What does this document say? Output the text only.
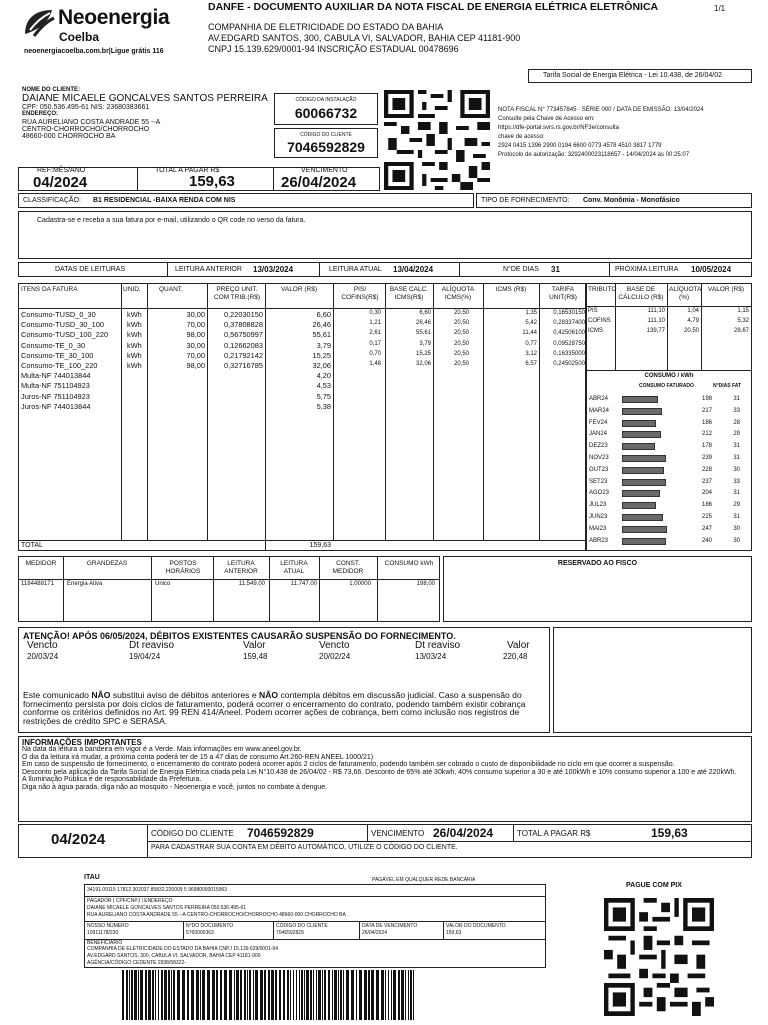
Neoenergia
Coelba
neoenergiacoelba.com.br|Ligue grátis 116
DANFE - DOCUMENTO AUXILIAR DA NOTA FISCAL DE ENERGIA ELÉTRICA ELETRÔNICA	1/1
COMPANHIA DE ELETRICIDADE DO ESTADO DA BAHIA
AV.EDGARD SANTOS, 300, CABULA VI, SALVADOR, BAHIA CEP 41181-900
CNPJ 15.139.629/0001-94 INSCRIÇÃO ESTADUAL 00478696
Tarifa Social de Energia Elétrica - Lei 10.438, de 26/04/02
NOME DO CLIENTE:
DAIANE MICAELE GONCALVES SANTOS PERREIRA
CPF: 050.536.495-61 NIS: 23680383661
ENDEREÇO:
RUA AURELIANO COSTA ANDRADE 55 --A
CENTRO-CHORROCHO/CHORROCHO
48660-000 CHORROCHO BA
CÓDIGO DA INSTALAÇÃO
60066732
CÓDIGO DO CLIENTE
7046592829
NOTA FISCAL N° 773457845 · SÉRIE 000 / DATA DE EMISSÃO: 13/04/2024
Consulte pela Chave de Acesso em:
https://dfe-portal.svrs.rs.gov.br/NF3e/consulta
chave de acesso:
2924 0415 1396 2900 0194 6600 0773 4578 4510 3817 1779
Protocolo de autorização: 3292400023118657 - 14/04/2024 às 00:25:07
REF:MÊS/ANO
04/2024
TOTAL A PAGAR R$
159,63
VENCIMENTO
26/04/2024
CLASSIFICAÇÃO: B1 RESIDENCIAL -BAIXA RENDA COM NIS	TIPO DE FORNECIMENTO: Conv. Monômia - Monofásico
Cadastra-se e receba a sua fatura por e-mail, utilizando o QR code no verso da fatura.
DATAS DE LEITURAS	LEITURA ANTERIOR 13/03/2024	LEITURA ATUAL 13/04/2024	N°DE DIAS 31	PRÓXIMA LEITURA 10/05/2024
ITENS DA FATURA	UNID.	QUANT.	PREÇO UNIT. COM TRIB.(R$)
VALOR (R$)	PIS/ COFINS(R$)
BASE CALC. ICMS(R$)
ALÍQUOTA ICMS(%)
ICMS (R$)	TARIFA UNIT(R$)
Consumo-TUSD_0_30	kWh	30,00	0,22030150	6,60	0,30	6,60	20,50	1,35	0,16530150
Consumo-TUSD_30_100	kWh	70,00	0,37808828	26,46	1,21	26,46	20,50	5,42	0,28337400
Consumo-TUSD_100_220	kWh	98,00	0,56750997	55,61	2,61	55,61	20,50	11,44	0,42506100
Consumo-TE_0_30	kWh	30,00	0,12662083	3,79	0,17	3,79	20,50	0,77	0,09528750
Consumo-TE_30_100	kWh	70,00	0,21792142	15,25	0,70	15,25	20,50	3,12	0,16335000
Consumo-TE_100_220	kWh	98,00	0,32716785	32,06	1,48	32,06	20,50	6,57	0,24502500
Multa-NF 744013844	4,20
Multa-NF 751104923	4,53
Juros-NF 751104923	5,75
Juros-NF 744013844	5,38
TOTAL	159,63
TRIBUTO	BASE DE CÁLCULO (R$)
ALÍQUOTA (%)
VALOR (R$)
PIS	111,10	1,04	1,15
COFINS	111,10	4,79	5,32
ICMS	139,77	20,50	28,67
CONSUMO / kWh
CONSUMO FATURADO	N°DIAS FAT
ABR24	198	31
MAR24	217	33
FEV24	186	28
JAN24	212	29
DEZ23	178	31
NOV23	239	31
OUT23	228	30
SET23	237	33
AGO23	204	31
JUL23	186	29
JUN23	225	31
MAI23	247	30
ABR23	240	30
MEDIDOR	GRANDEZAS	POSTOS HORÁRIOS
LEITURA ANTERIOR
LEITURA ATUAL
CONST. MEDIDOR
CONSUMO kWh
1184488171 Energia Ativa	Único	11.549,00	11.747,00	1,00000	198,00
RESERVADO AO FISCO
ATENÇÃO! APÓS 06/05/2024, DÉBITOS EXISTENTES CAUSARÃO SUSPENSÃO DO FORNECIMENTO.
Vencto	Dt reaviso	Valor	Vencto	Dt reaviso	Valor
20/03/24	19/04/24	159,48	20/02/24	13/03/24	220,48
Este comunicado NÃO substitui aviso de débitos anteriores e NÃO contempla débitos em discussão judicial. Caso a suspensão do fornecimento persista por dois ciclos de faturamento, poderá ocorrer o encerramento do contrato, podendo também existir cobrança conforme os critérios definidos no Art. 99 REN 414/Aneel. Podem ocorrer ações de cobrança, bem como inclusão nos registros de restrições de crédito SPC e SERASA.
INFORMAÇÕES IMPORTANTES
Na data da leitura a bandeira em vigor é a Verde. Mais informações em www.aneel.gov.br.
O dia da leitura irá mudar, a próxima conta poderá ter de 15 a 47 dias de consumo Art.260-REN ANEEL 1000/21)
Em caso de suspensão de fornecimento, o encerramento do contrato poderá ocorrer após 2 ciclos de faturamento, podendo também ser cobrado o custo de disponibilidade no ciclo em que ocorrer a suspensão.
Desconto pela aplicação da Tarifa Social de Energia Elétrica criada pela Lei N°10.438 de 26/04/02 - R$ 73,66. Desconto de 65% até 30kwh, 40% consumo superior a 30 e até 100kWh e 10% consumo superior a 100 e até 220kWh.
A Iluminação Pública é de responsabilidade da Prefeitura.
Diga não à água parada, diga não ao mosquito - Neoenergia e você, juntos no combate à dengue.
04/2024	CÓDIGO DO CLIENTE 7046592829	VENCIMENTO 26/04/2024	TOTAL A PAGAR R$	159,63
PARA CADASTRAR SUA CONTA EM DÉBITO AUTOMÁTICO, UTILIZE O CÓDIGO DO CLIENTE.
ITAU	PAGÁVEL EM QUALQUER REDE BANCÁRIA
34191.09115 17812.302037 85832.220009 5 96980000015963
PAGADOR | CPF/CNPJ | ENDEREÇO
DAIANE MICAELE GONCALVES SANTOS PERREIRA 050.536.495-61
RUA AURELIANO COSTA ANDRADE 55 --A CENTRO-CHORROCHO/CHORROCHO 48660-000 CHORROCHO BA
NOSSO NÚMERO
10911178/230
N°DO DOCUMENTO
5760000363
CÓDIGO DO CLIENTE
7046592829
DATA DE VENCIMENTO
26/04/2024
VALOR DO DOCUMENTO
159,63
BENEFICIÁRIO
COMPANHIA DE ELETRICIDADE DO ESTADO DA BAHIA CNPJ 15.139.629/0001-94
AV.EDGARD SANTOS, 300, CABULA VI, SALVADOR, BAHIA CEP 41181-900
AGÊNCIA/CÓDIGO CEDENTE 2938/58322-
PAGUE COM PIX
